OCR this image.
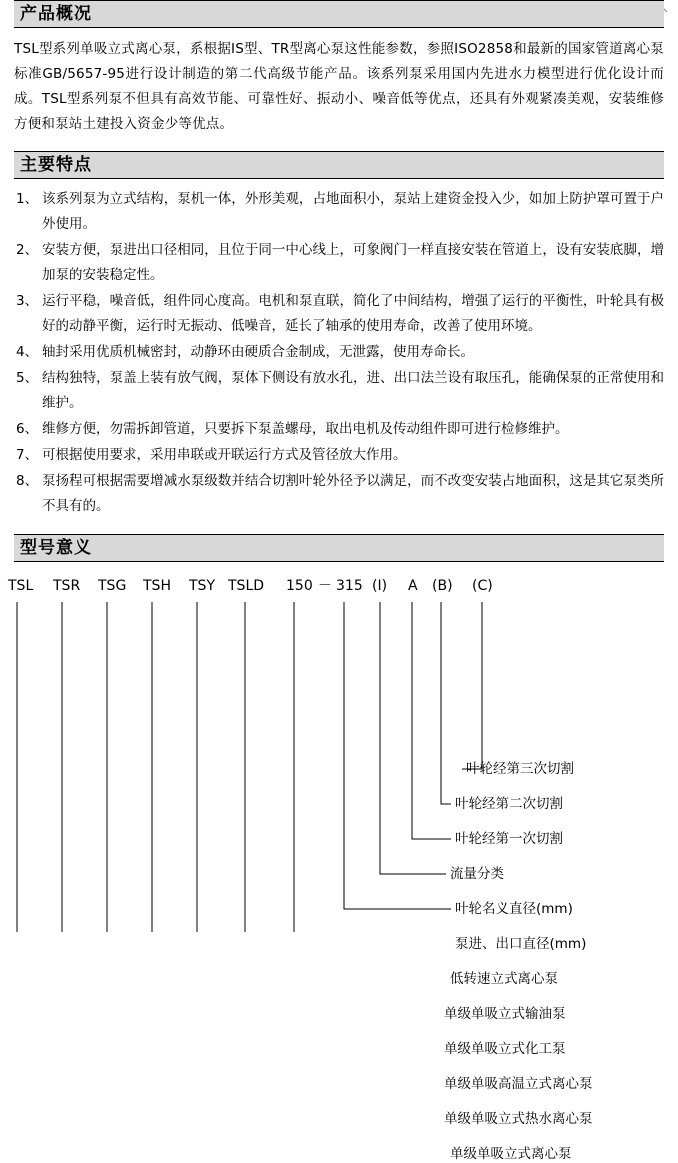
产品概况
TSL型系列单吸立式离心泵，系根据IS型、TR型离心泵这性能参数，参照ISO2858和最新的国家管道离心泵标准GB/5657-95进行设计制造的第二代高级节能产品。该系列泵采用国内先进水力模型进行优化设计而成。TSL型系列泵不但具有高效节能、可靠性好、振动小、噪音低等优点，还具有外观紧凑美观，安装维修方便和泵站土建投入资金少等优点。
主要特点
1、 该系列泵为立式结构，泵机一体，外形美观，占地面积小，泵站上建资金投入少，如加上防护罩可置于户外使用。
2、 安装方便，泵进出口径相同，且位于同一中心线上，可象阀门一样直接安装在管道上，设有安装底脚，增加泵的安装稳定性。
3、 运行平稳，噪音低，组件同心度高。电机和泵直联，简化了中间结构，增强了运行的平衡性，叶轮具有极好的动静平衡，运行时无振动、低噪音，延长了轴承的使用寿命，改善了使用环境。
4、 轴封采用优质机械密封，动静环由硬质合金制成，无泄露，使用寿命长。
5、 结构独特，泵盖上装有放气阀，泵体下侧设有放水孔，进、出口法兰设有取压孔，能确保泵的正常使用和维护。
6、 维修方便，勿需拆卸管道，只要拆下泵盖螺母，取出电机及传动组件即可进行检修维护。
7、 可根据使用要求，采用串联或开联运行方式及管径放大作用。
8、 泵扬程可根据需要增减水泵级数并结合切割叶轮外径予以满足，而不改变安装占地面积，这是其它泵类所不具有的。
型号意义
TSL TSR TSG TSH TSY TSLD 150 － 315 (I) A (B) (C)
叶轮经第三次切割
叶轮经第二次切割
叶轮经第一次切割
流量分类
叶轮名义直径(mm)
泵进、出口直径(mm)
低转速立式离心泵
单级单吸立式输油泵
单级单吸立式化工泵
单级单吸高温立式离心泵
单级单吸立式热水离心泵
单级单吸立式离心泵
